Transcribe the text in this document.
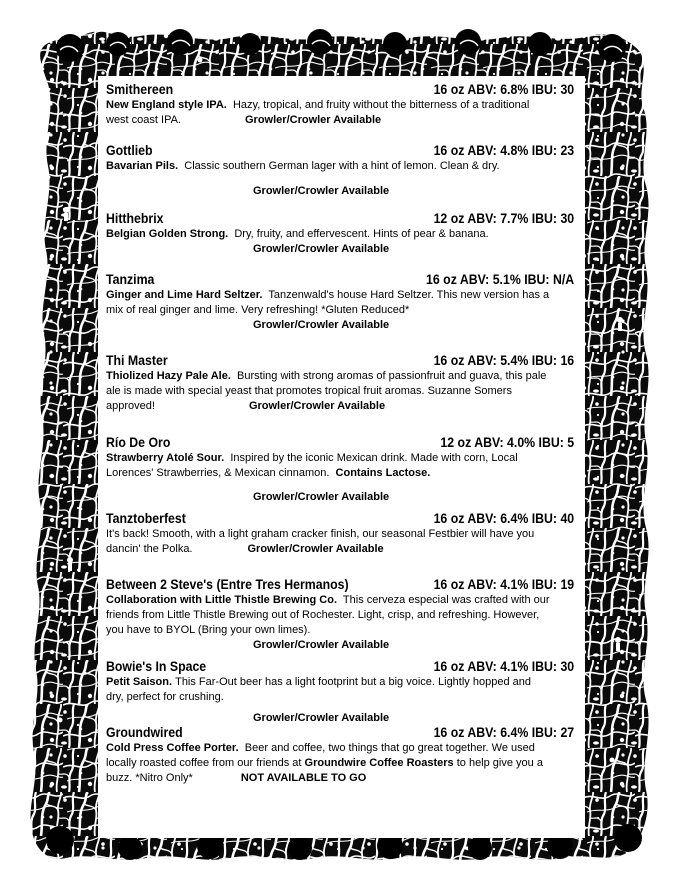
Smithereen	16 oz ABV: 6.8% IBU: 30
New England style IPA. Hazy, tropical, and fruity without the bitterness of a traditional
west coast IPA.	Growler/Crowler Available
Gottlieb	16 oz ABV: 4.8% IBU: 23
Bavarian Pils. Classic southern German lager with a hint of lemon. Clean & dry.
Growler/Crowler Available
Hitthebrix	12 oz ABV: 7.7% IBU: 30
Belgian Golden Strong. Dry, fruity, and effervescent. Hints of pear & banana.
Growler/Crowler Available
Tanzima	16 oz ABV: 5.1% IBU: N/A
Ginger and Lime Hard Seltzer. Tanzenwald's house Hard Seltzer. This new version has a
mix of real ginger and lime. Very refreshing! *Gluten Reduced*
Growler/Crowler Available
Thi Master	16 oz ABV: 5.4% IBU: 16
Thiolized Hazy Pale Ale. Bursting with strong aromas of passionfruit and guava, this pale
ale is made with special yeast that promotes tropical fruit aromas. Suzanne Somers
approved!	Growler/Crowler Available
Río De Oro	12 oz ABV: 4.0% IBU: 5
Strawberry Atolé Sour. Inspired by the iconic Mexican drink. Made with corn, Local
Lorences' Strawberries, & Mexican cinnamon. Contains Lactose.
Growler/Crowler Available
Tanztoberfest	16 oz ABV: 6.4% IBU: 40
It's back! Smooth, with a light graham cracker finish, our seasonal Festbier will have you
dancin' the Polka.	Growler/Crowler Available
Between 2 Steve's (Entre Tres Hermanos)	16 oz ABV: 4.1% IBU: 19
Collaboration with Little Thistle Brewing Co. This cerveza especial was crafted with our
friends from Little Thistle Brewing out of Rochester. Light, crisp, and refreshing. However,
you have to BYOL (Bring your own limes).
Growler/Crowler Available
Bowie's In Space	16 oz ABV: 4.1% IBU: 30
Petit Saison. This Far-Out beer has a light footprint but a big voice. Lightly hopped and
dry, perfect for crushing.
Growler/Crowler Available
Groundwired	16 oz ABV: 6.4% IBU: 27
Cold Press Coffee Porter. Beer and coffee, two things that go great together. We used
locally roasted coffee from our friends at Groundwire Coffee Roasters to help give you a
buzz. *Nitro Only*	NOT AVAILABLE TO GO
